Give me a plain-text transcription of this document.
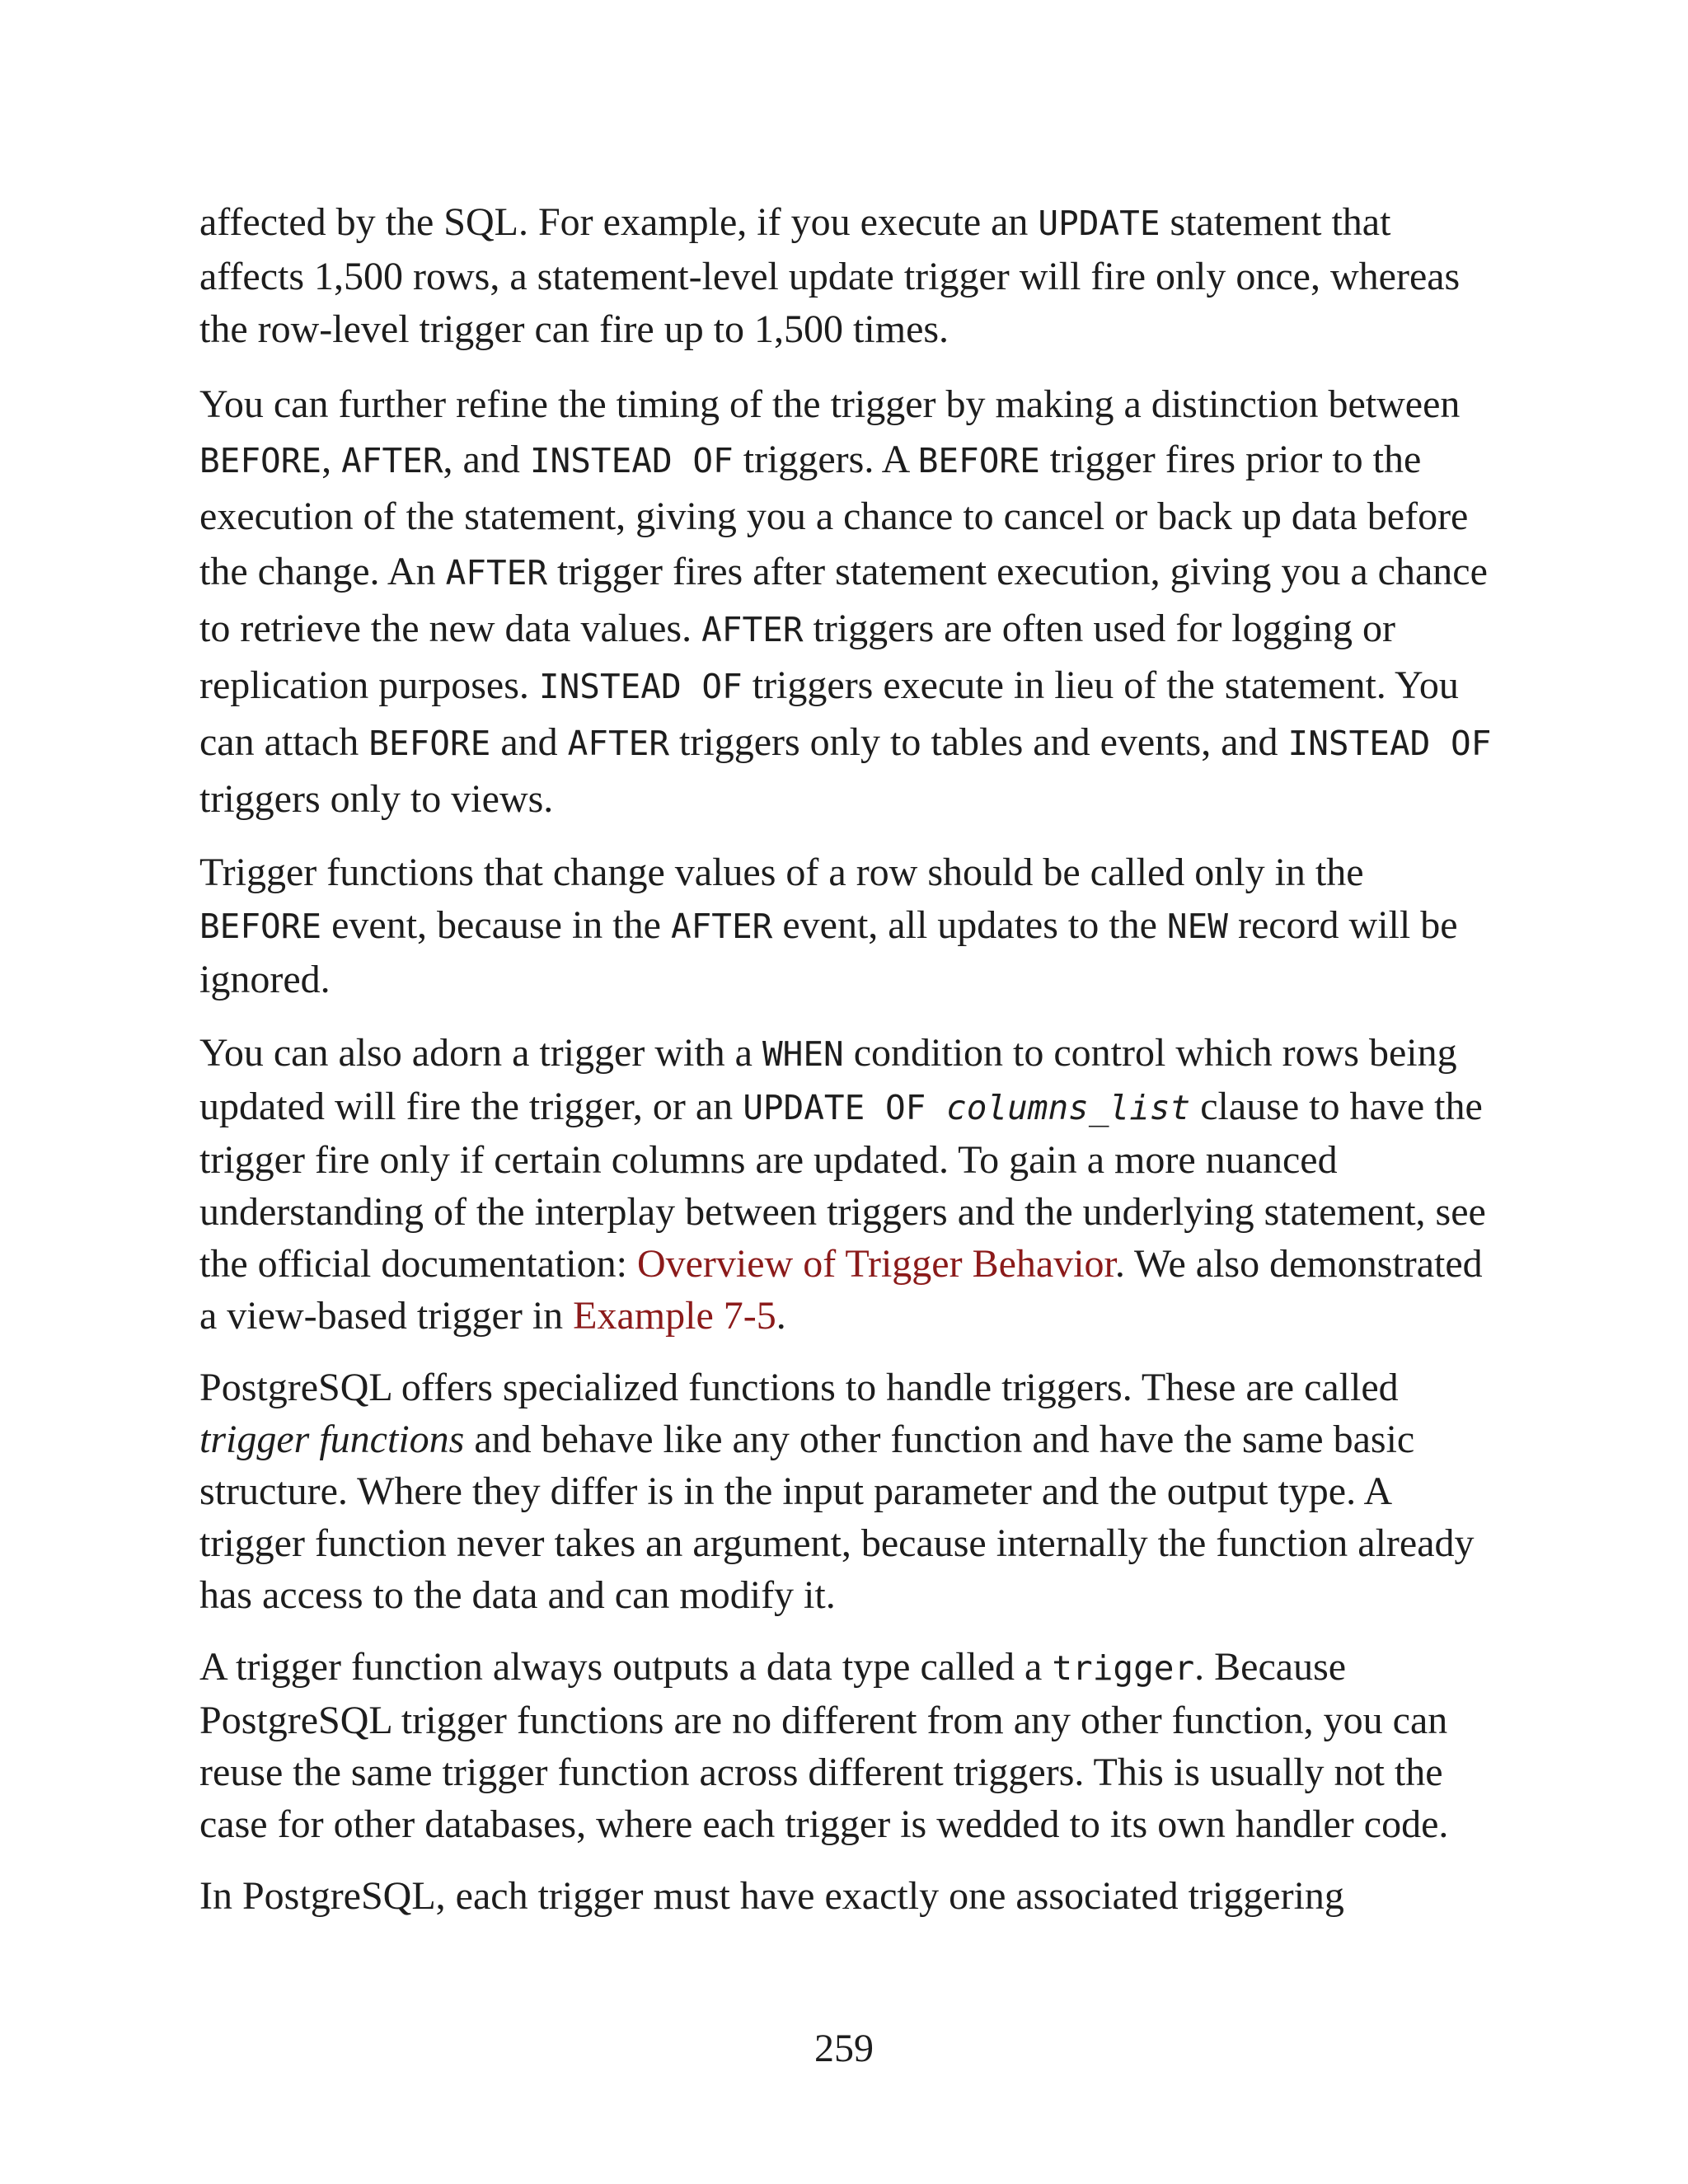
affected by the SQL. For example, if you execute an UPDATE statement that affects 1,500 rows, a statement-level update trigger will fire only once, whereas the row-level trigger can fire up to 1,500 times.

You can further refine the timing of the trigger by making a distinction between BEFORE, AFTER, and INSTEAD OF triggers. A BEFORE trigger fires prior to the execution of the statement, giving you a chance to cancel or back up data before the change. An AFTER trigger fires after statement execution, giving you a chance to retrieve the new data values. AFTER triggers are often used for logging or replication purposes. INSTEAD OF triggers execute in lieu of the statement. You can attach BEFORE and AFTER triggers only to tables and events, and INSTEAD OF triggers only to views.

Trigger functions that change values of a row should be called only in the BEFORE event, because in the AFTER event, all updates to the NEW record will be ignored.

You can also adorn a trigger with a WHEN condition to control which rows being updated will fire the trigger, or an UPDATE OF columns_list clause to have the trigger fire only if certain columns are updated. To gain a more nuanced understanding of the interplay between triggers and the underlying statement, see the official documentation: Overview of Trigger Behavior. We also demonstrated a view-based trigger in Example 7-5.

PostgreSQL offers specialized functions to handle triggers. These are called trigger functions and behave like any other function and have the same basic structure. Where they differ is in the input parameter and the output type. A trigger function never takes an argument, because internally the function already has access to the data and can modify it.

A trigger function always outputs a data type called a trigger. Because PostgreSQL trigger functions are no different from any other function, you can reuse the same trigger function across different triggers. This is usually not the case for other databases, where each trigger is wedded to its own handler code.

In PostgreSQL, each trigger must have exactly one associated triggering

259
